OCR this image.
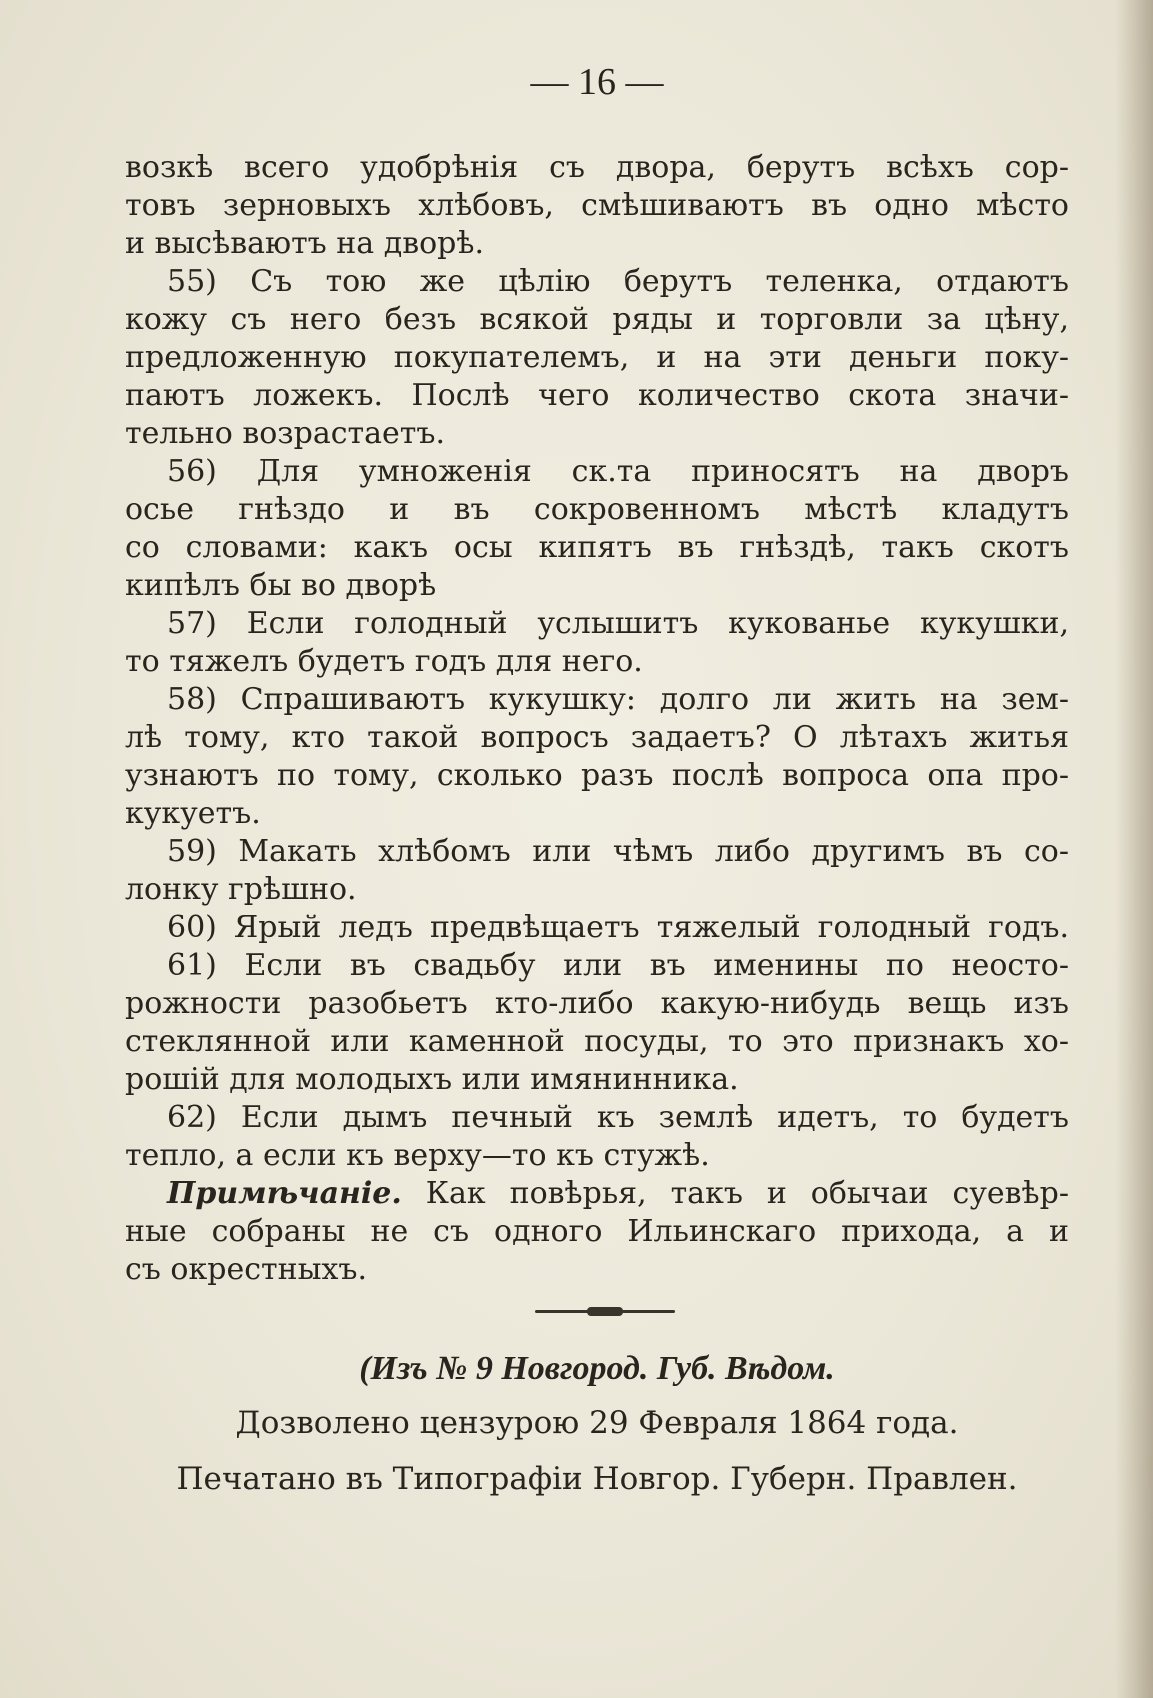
— 16 —
возкѣ всего удобрѣнія съ двора, берутъ всѣхъ сор-
товъ зерновыхъ хлѣбовъ, смѣшиваютъ въ одно мѣсто
и высѣваютъ на дворѣ.
55) Съ тою же цѣлію берутъ теленка, отдаютъ
кожу съ него безъ всякой ряды и торговли за цѣну,
предложенную покупателемъ, и на эти деньги поку-
паютъ ложекъ. Послѣ чего количество скота значи-
тельно возрастаетъ.
56) Для умноженія ск.та приносятъ на дворъ
осье гнѣздо и въ сокровенномъ мѣстѣ кладутъ
со словами: какъ осы кипятъ въ гнѣздѣ, такъ скотъ
кипѣлъ бы во дворѣ
57) Если голодный услышитъ кукованье кукушки,
то тяжелъ будетъ годъ для него.
58) Спрашиваютъ кукушку: долго ли жить на зем-
лѣ тому, кто такой вопросъ задаетъ? О лѣтахъ житья
узнаютъ по тому, сколько разъ послѣ вопроса опа про-
кукуетъ.
59) Макать хлѣбомъ или чѣмъ либо другимъ въ со-
лонку грѣшно.
60) Ярый ледъ предвѣщаетъ тяжелый голодный годъ.
61) Если въ свадьбу или въ именины по неосто-
рожности разобьетъ кто-либо какую-нибудь вещь изъ
стеклянной или каменной посуды, то это признакъ хо-
рошій для молодыхъ или имянинника.
62) Если дымъ печный къ землѣ идетъ, то будетъ
тепло, а если къ верху—то къ стужѣ.
Примѣчаніе. Как повѣрья, такъ и обычаи суевѣр-
ные собраны не съ одного Ильинскаго прихода, а и
съ окрестныхъ.
(Изъ № 9 Новгород. Губ. Вѣдом.
Дозволено цензурою 29 Февраля 1864 года.
Печатано въ Типографіи Новгор. Губерн. Правлен.
